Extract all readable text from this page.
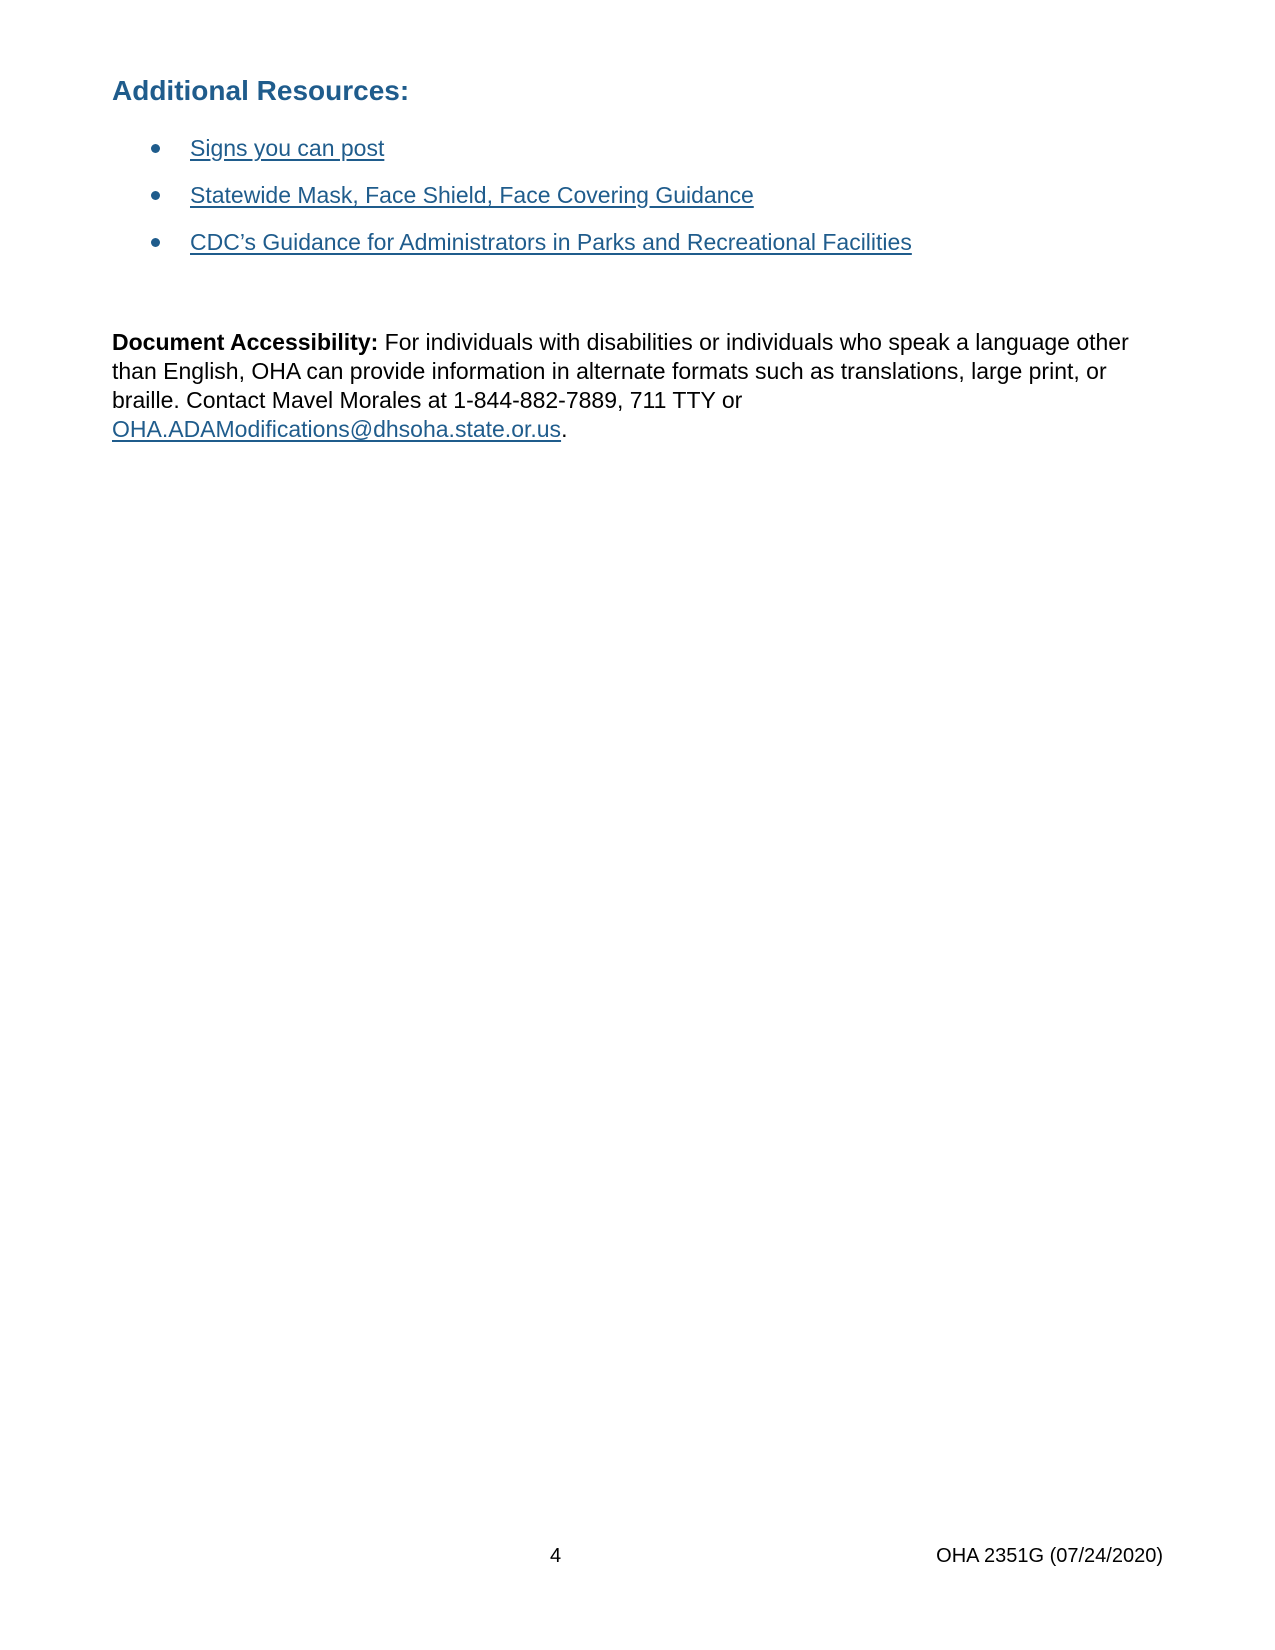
Additional Resources:
Signs you can post
Statewide Mask, Face Shield, Face Covering Guidance
CDC’s Guidance for Administrators in Parks and Recreational Facilities

Document Accessibility: For individuals with disabilities or individuals who speak a language other than English, OHA can provide information in alternate formats such as translations, large print, or braille. Contact Mavel Morales at 1-844-882-7889, 711 TTY or OHA.ADAModifications@dhsoha.state.or.us.

4	OHA 2351G (07/24/2020)
